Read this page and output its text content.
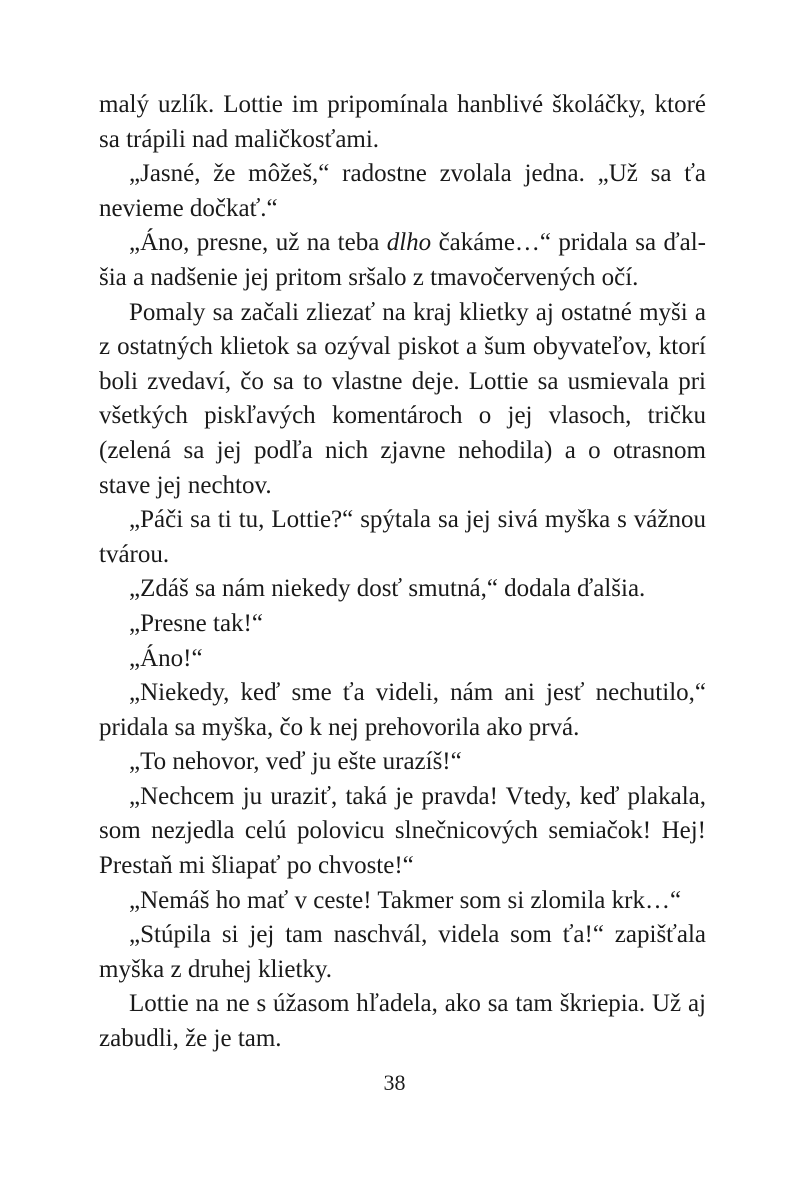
malý uzlík. Lottie im pripomínala hanblivé školáčky, ktoré sa trápili nad maličkosťami.

„Jasné, že môžeš,“ radostne zvolala jedna. „Už sa ťa nevieme dočkať.“

„Áno, presne, už na teba dlho čakáme…“ pridala sa ďalšia a nadšenie jej pritom sršalo z tmavočervených očí.

Pomaly sa začali zliezať na kraj klietky aj ostatné myši a z ostatných klietok sa ozýval piskot a šum obyvateľov, ktorí boli zvedaví, čo sa to vlastne deje. Lottie sa usmievala pri všetkých piskľavých komentároch o jej vlasoch, tričku (zelená sa jej podľa nich zjavne nehodila) a o otrasnom stave jej nechtov.

„Páči sa ti tu, Lottie?“ spýtala sa jej sivá myška s vážnou tvárou.

„Zdáš sa nám niekedy dosť smutná,“ dodala ďalšia.

„Presne tak!“

„Áno!“

„Niekedy, keď sme ťa videli, nám ani jesť nechutilo,“ pridala sa myška, čo k nej prehovorila ako prvá.

„To nehovor, veď ju ešte urazíš!“

„Nechcem ju uraziť, taká je pravda! Vtedy, keď plakala, som nezjedla celú polovicu slnečnicových semiačok! Hej! Prestaň mi šliapať po chvoste!“

„Nemáš ho mať v ceste! Takmer som si zlomila krk…“

„Stúpila si jej tam naschvál, videla som ťa!“ zapišťala myška z druhej klietky.

Lottie na ne s úžasom hľadela, ako sa tam škriepia. Už aj zabudli, že je tam.

38
